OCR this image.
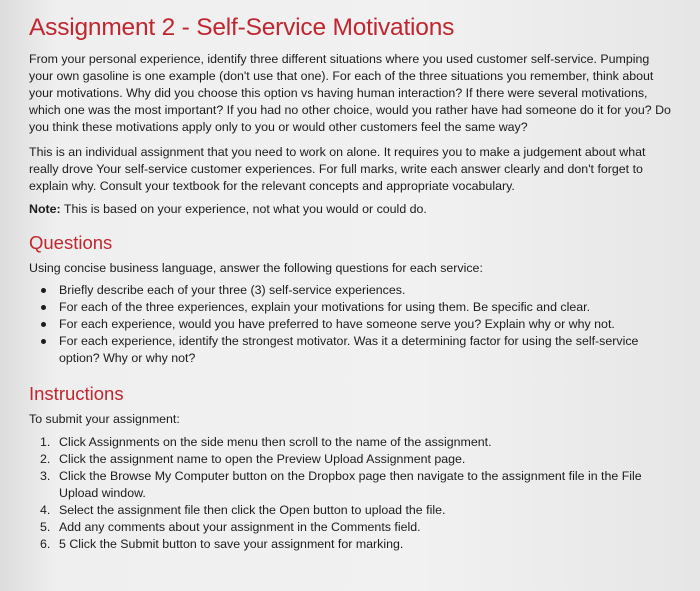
Assignment 2 - Self-Service Motivations

From your personal experience, identify three different situations where you used customer self-service. Pumping your own gasoline is one example (don't use that one). For each of the three situations you remember, think about your motivations. Why did you choose this option vs having human interaction? If there were several motivations, which one was the most important? If you had no other choice, would you rather have had someone do it for you? Do you think these motivations apply only to you or would other customers feel the same way?

This is an individual assignment that you need to work on alone. It requires you to make a judgement about what really drove Your self-service customer experiences. For full marks, write each answer clearly and don't forget to explain why. Consult your textbook for the relevant concepts and appropriate vocabulary.

Note: This is based on your experience, not what you would or could do.

Questions

Using concise business language, answer the following questions for each service:

Briefly describe each of your three (3) self-service experiences.
For each of the three experiences, explain your motivations for using them. Be specific and clear.
For each experience, would you have preferred to have someone serve you? Explain why or why not.
For each experience, identify the strongest motivator. Was it a determining factor for using the self-service option? Why or why not?
Instructions

To submit your assignment:

1. Click Assignments on the side menu then scroll to the name of the assignment.
2. Click the assignment name to open the Preview Upload Assignment page.
3. Click the Browse My Computer button on the Dropbox page then navigate to the assignment file in the File Upload window.
4. Select the assignment file then click the Open button to upload the file.
5. Add any comments about your assignment in the Comments field.
6. 5 Click the Submit button to save your assignment for marking.
